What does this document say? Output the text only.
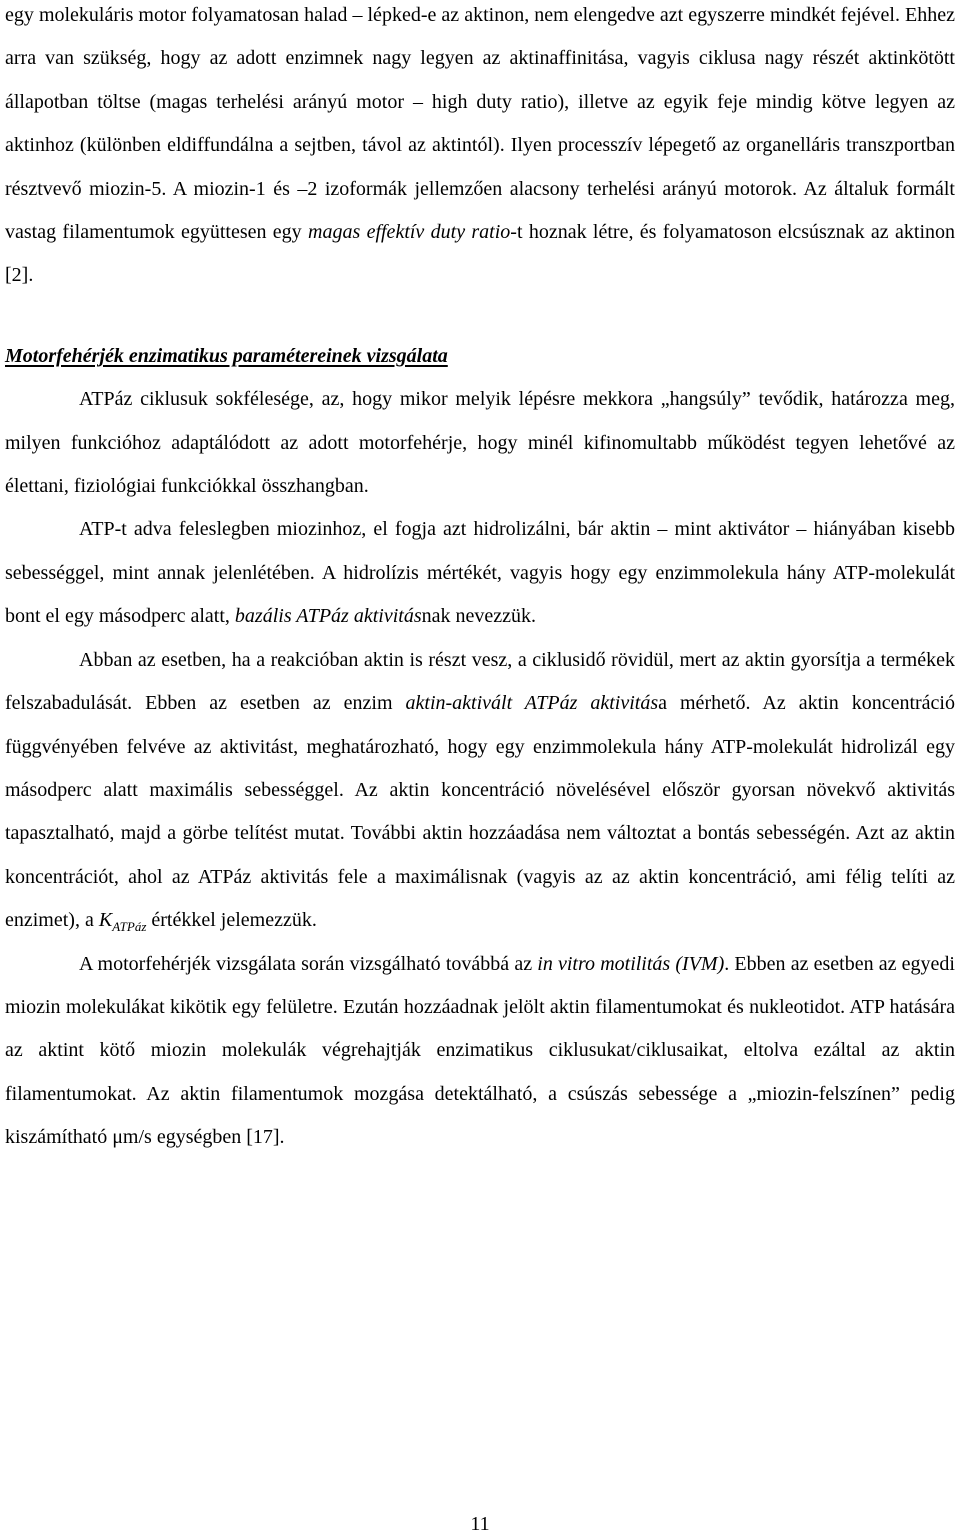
egy molekuláris motor folyamatosan halad – lépked-e az aktinon, nem elengedve azt egyszerre mindkét fejével. Ehhez arra van szükség, hogy az adott enzimnek nagy legyen az aktinaffinitása, vagyis ciklusa nagy részét aktinkötött állapotban töltse (magas terhelési arányú motor – high duty ratio), illetve az egyik feje mindig kötve legyen az aktinhoz (különben eldiffundálna a sejtben, távol az aktintól). Ilyen processzív lépegető az organelláris transzportban résztvevő miozin-5. A miozin-1 és –2 izoformák jellemzően alacsony terhelési arányú motorok. Az általuk formált vastag filamentumok együttesen egy magas effektív duty ratio-t hoznak létre, és folyamatoson elcsúsznak az aktinon [2].

Motorfehérjék enzimatikus paramétereinek vizsgálata

ATPáz ciklusuk sokfélesége, az, hogy mikor melyik lépésre mekkora „hangsúly” tevődik, határozza meg, milyen funkcióhoz adaptálódott az adott motorfehérje, hogy minél kifinomultabb működést tegyen lehetővé az élettani, fiziológiai funkciókkal összhangban.

ATP-t adva feleslegben miozinhoz, el fogja azt hidrolizálni, bár aktin – mint aktivátor – hiányában kisebb sebességgel, mint annak jelenlétében. A hidrolízis mértékét, vagyis hogy egy enzimmolekula hány ATP-molekulát bont el egy másodperc alatt, bazális ATPáz aktivitásnak nevezzük.

Abban az esetben, ha a reakcióban aktin is részt vesz, a ciklusidő rövidül, mert az aktin gyorsítja a termékek felszabadulását. Ebben az esetben az enzim aktin-aktivált ATPáz aktivitása mérhető. Az aktin koncentráció függvényében felvéve az aktivitást, meghatározható, hogy egy enzimmolekula hány ATP-molekulát hidrolizál egy másodperc alatt maximális sebességgel. Az aktin koncentráció növelésével először gyorsan növekvő aktivitás tapasztalható, majd a görbe telítést mutat. További aktin hozzáadása nem változtat a bontás sebességén. Azt az aktin koncentrációt, ahol az ATPáz aktivitás fele a maximálisnak (vagyis az az aktin koncentráció, ami félig telíti az enzimet), a $K_{ATPáz}$ értékkel jelemezzük.

A motorfehérjék vizsgálata során vizsgálható továbbá az in vitro motilitás (IVM). Ebben az esetben az egyedi miozin molekulákat kikötik egy felületre. Ezután hozzáadnak jelölt aktin filamentumokat és nukleotidot. ATP hatására az aktint kötő miozin molekulák végrehajtják enzimatikus ciklusukat/ciklusaikat, eltolva ezáltal az aktin filamentumokat. Az aktin filamentumok mozgása detektálható, a csúszás sebessége a „miozin-felszínen” pedig kiszámítható μm/s egységben [17].

11
